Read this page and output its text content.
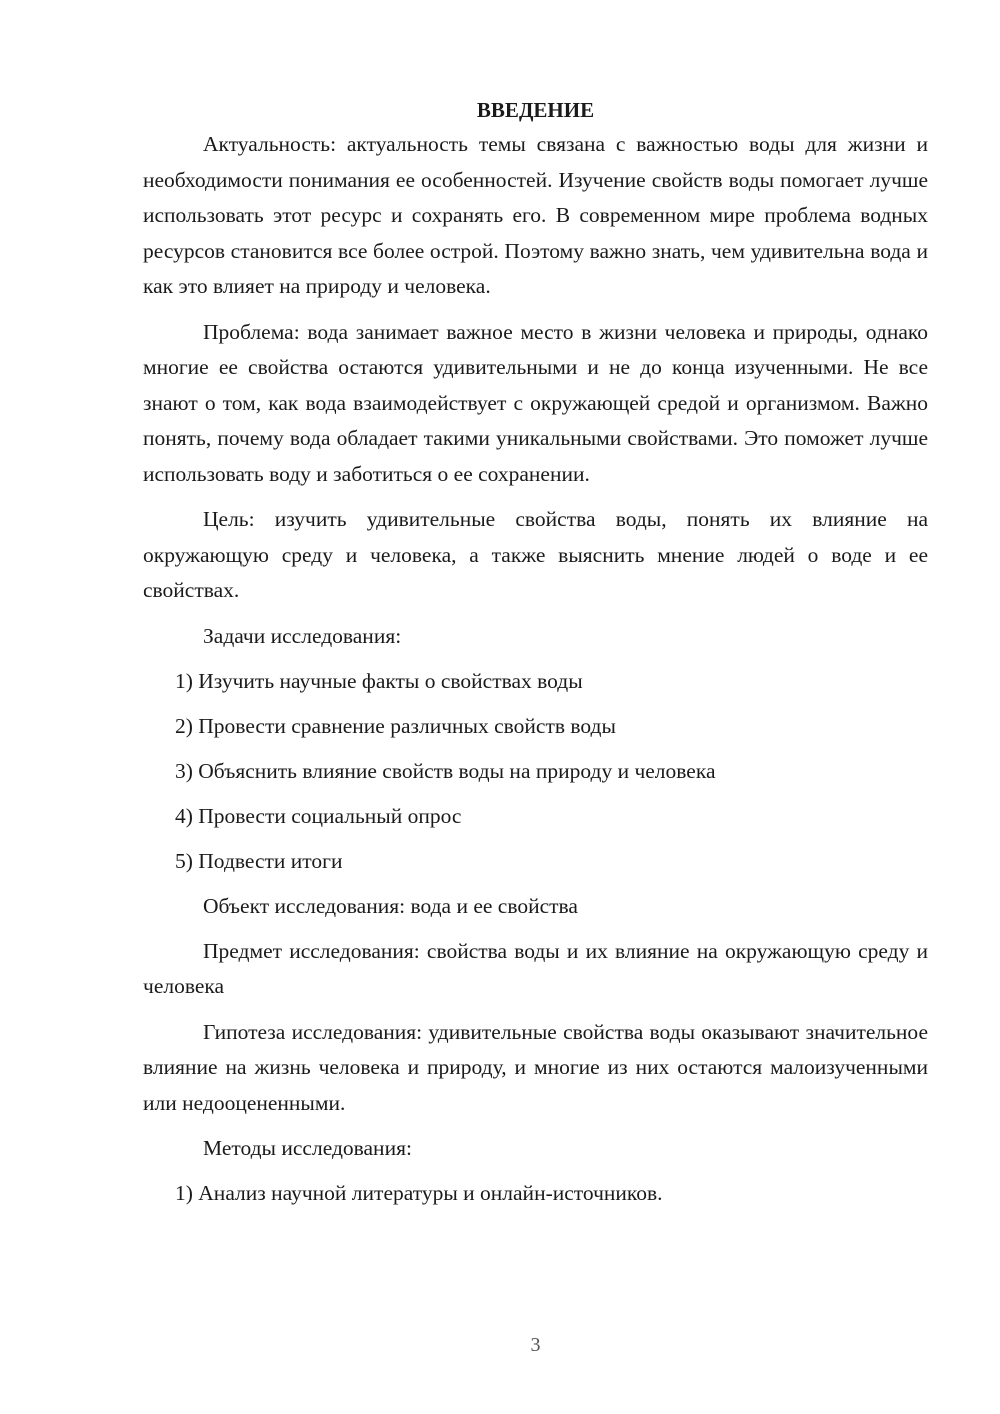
ВВЕДЕНИЕ

Актуальность: актуальность темы связана с важностью воды для жизни и необходимости понимания ее особенностей. Изучение свойств воды помогает лучше использовать этот ресурс и сохранять его. В современном мире проблема водных ресурсов становится все более острой. Поэтому важно знать, чем удивительна вода и как это влияет на природу и человека.

Проблема: вода занимает важное место в жизни человека и природы, однако многие ее свойства остаются удивительными и не до конца изученными. Не все знают о том, как вода взаимодействует с окружающей средой и организмом. Важно понять, почему вода обладает такими уникальными свойствами. Это поможет лучше использовать воду и заботиться о ее сохранении.

Цель: изучить удивительные свойства воды, понять их влияние на окружающую среду и человека, а также выяснить мнение людей о воде и ее свойствах.

Задачи исследования:
1) Изучить научные факты о свойствах воды
2) Провести сравнение различных свойств воды
3) Объяснить влияние свойств воды на природу и человека
4) Провести социальный опрос
5) Подвести итоги
Объект исследования: вода и ее свойства

Предмет исследования: свойства воды и их влияние на окружающую среду и человека

Гипотеза исследования: удивительные свойства воды оказывают значительное влияние на жизнь человека и природу, и многие из них остаются малоизученными или недооцененными.

Методы исследования:
1) Анализ научной литературы и онлайн-источников.
3
